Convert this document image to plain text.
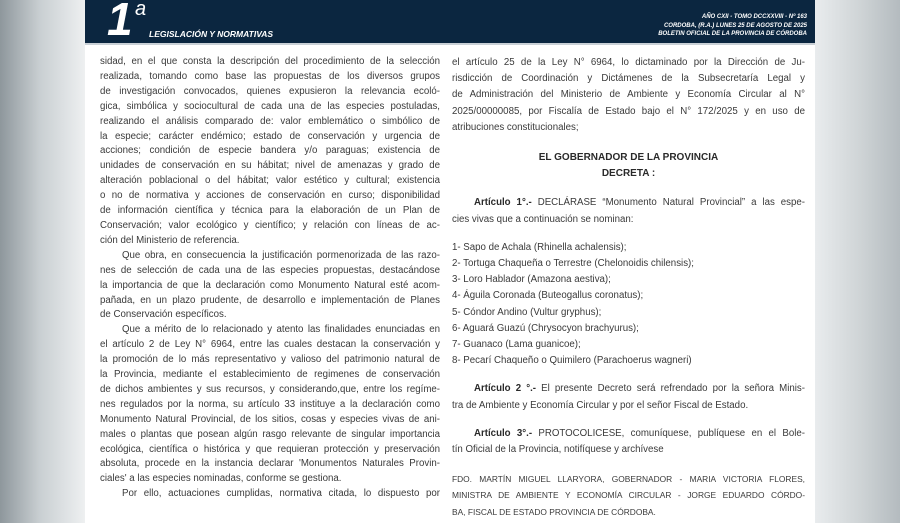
1 a
LEGISLACIÓN Y NORMATIVAS
AÑO CXII - TOMO DCCXXVIII - Nº 163
CORDOBA, (R.A.) LUNES 25 DE AGOSTO DE 2025
BOLETIN OFICIAL DE LA PROVINCIA DE CÓRDOBA
sidad, en el que consta la descripción del procedimiento de la selección
realizada, tomando como base las propuestas de los diversos grupos
de investigación convocados, quienes expusieron la relevancia ecoló-
gica, simbólica y sociocultural de cada una de las especies postuladas,
realizando el análisis comparado de: valor emblemático o simbólico de
la especie; carácter endémico; estado de conservación y urgencia de
acciones; condición de especie bandera y/o paraguas; existencia de
unidades de conservación en su hábitat; nivel de amenazas y grado de
alteración poblacional o del hábitat; valor estético y cultural; existencia
o no de normativa y acciones de conservación en curso; disponibilidad
de información científica y técnica para la elaboración de un Plan de
Conservación; valor ecológico y científico; y relación con líneas de ac-
ción del Ministerio de referencia.
Que obra, en consecuencia la justificación pormenorizada de las razo-
nes de selección de cada una de las especies propuestas, destacándose
la importancia de que la declaración como Monumento Natural esté acom-
pañada, en un plazo prudente, de desarrollo e implementación de Planes
de Conservación específicos.
Que a mérito de lo relacionado y atento las finalidades enunciadas en
el artículo 2 de Ley N° 6964, entre las cuales destacan la conservación y
la promoción de lo más representativo y valioso del patrimonio natural de
la Provincia, mediante el establecimiento de regimenes de conservación
de dichos ambientes y sus recursos, y considerando,que, entre los regíme-
nes regulados por la norma, su artículo 33 instituye a la declaración como
Monumento Natural Provincial, de los sitios, cosas y especies vivas de ani-
males o plantas que posean algún rasgo relevante de singular importancia
ecológica, científica o histórica y que requieran protección y preservación
absoluta, procede en la instancia declarar 'Monumentos Naturales Provin-
ciales' a las especies nominadas, conforme se gestiona.
Por ello, actuaciones cumplidas, normativa citada, lo dispuesto por
el artículo 25 de la Ley N° 6964, lo dictaminado por la Dirección de Ju-
risdicción de Coordinación y Dictámenes de la Subsecretaría Legal y
de Administración del Ministerio de Ambiente y Economía Circular al N°
2025/00000085, por Fiscalía de Estado bajo el N° 172/2025 y en uso de
atribuciones constitucionales;
EL GOBERNADOR DE LA PROVINCIA
DECRETA :
Artículo 1°.- DECLÁRASE “Monumento Natural Provincial” a las espe-
cies vivas que a continuación se nominan:
1- Sapo de Achala (Rhinella achalensis);
2- Tortuga Chaqueña o Terrestre (Chelonoidis chilensis);
3- Loro Hablador (Amazona aestiva);
4- Águila Coronada (Buteogallus coronatus);
5- Cóndor Andino (Vultur gryphus);
6- Aguará Guazú (Chrysocyon brachyurus);
7- Guanaco (Lama guanicoe);
8- Pecarí Chaqueño o Quimilero (Parachoerus wagneri)
Artículo 2 °.- El presente Decreto será refrendado por la señora Minis-
tra de Ambiente y Economía Circular y por el señor Fiscal de Estado.
Artículo 3°.- PROTOCOLICESE, comuníquese, publíquese en el Bole-
tín Oficial de la Provincia, notifíquese y archívese
FDO. MARTÍN MIGUEL LLARYORA, GOBERNADOR - MARIA VICTORIA FLORES,
MINISTRA DE AMBIENTE Y ECONOMÍA CIRCULAR - JORGE EDUARDO CÓRDO-
BA, FISCAL DE ESTADO PROVINCIA DE CÓRDOBA.
